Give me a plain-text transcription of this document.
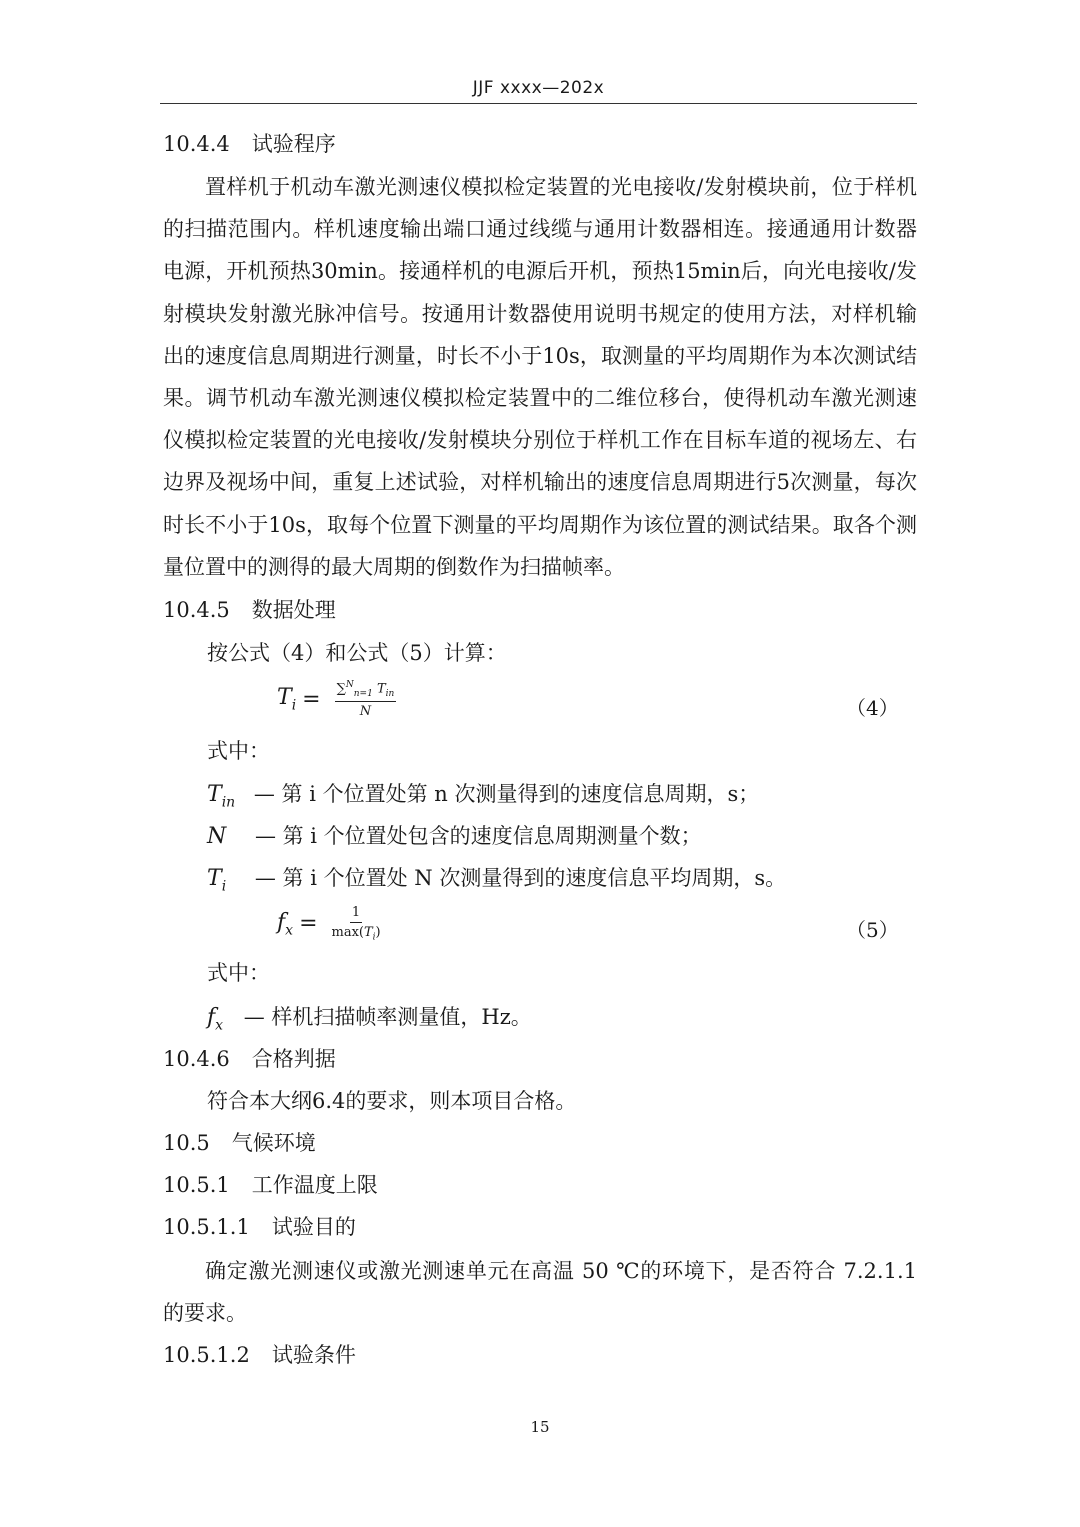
JJF xxxx—202x
10.4.4 试验程序
置样机于机动车激光测速仪模拟检定装置的光电接收/发射模块前，位于样机的扫描范围内。样机速度输出端口通过线缆与通用计数器相连。接通通用计数器电源，开机预热30min。接通样机的电源后开机，预热15min后，向光电接收/发射模块发射激光脉冲信号。按通用计数器使用说明书规定的使用方法，对样机输出的速度信息周期进行测量，时长不小于10s，取测量的平均周期作为本次测试结果。调节机动车激光测速仪模拟检定装置中的二维位移台，使得机动车激光测速仪模拟检定装置的光电接收/发射模块分别位于样机工作在目标车道的视场左、右边界及视场中间，重复上述试验，对样机输出的速度信息周期进行5次测量，每次时长不小于10s，取每个位置下测量的平均周期作为该位置的测试结果。取各个测量位置中的测得的最大周期的倒数作为扫描帧率。
10.4.5 数据处理
按公式（4）和公式（5）计算：
$T_i = \frac{\sum^N_{n=1} T_{in}}{N}$	（4）
式中：
$T_{in}$ — 第 i 个位置处第 n 次测量得到的速度信息周期，s；
N — 第 i 个位置处包含的速度信息周期测量个数；
$T_i$ — 第 i 个位置处 N 次测量得到的速度信息平均周期，s。
$f_x = \frac{1}{\max(T_i)}$	（5）
式中：
$f_x$ — 样机扫描帧率测量值，Hz。
10.4.6 合格判据
符合本大纲6.4的要求，则本项目合格。
10.5 气候环境
10.5.1 工作温度上限
10.5.1.1 试验目的
确定激光测速仪或激光测速单元在高温 50 ℃的环境下，是否符合 7.2.1.1 的要求。
10.5.1.2 试验条件
15
